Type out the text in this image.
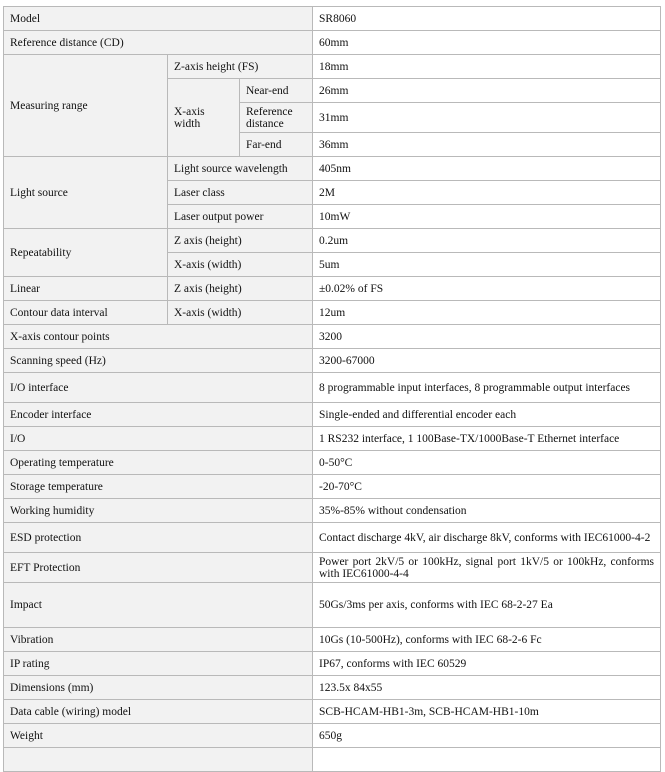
Model			SR8060
Reference distance (CD)			60mm
Measuring range	Z-axis height (FS)		18mm
	X-axis width	Near-end	26mm
		Reference distance	31mm
		Far-end	36mm
Light source	Light source wavelength		405nm
	Laser class		2M
	Laser output power		10mW
Repeatability	Z axis (height)		0.2um
	X-axis (width)		5um
Linear	Z axis (height)		±0.02% of FS
Contour data interval	X-axis (width)		12um
X-axis contour points			3200
Scanning speed (Hz)			3200-67000
I/O interface			8 programmable input interfaces, 8 programmable output interfaces
Encoder interface			Single-ended and differential encoder each
I/O			1 RS232 interface, 1 100Base-TX/1000Base-T Ethernet interface
Operating temperature			0-50°C
Storage temperature			-20-70°C
Working humidity			35%-85% without condensation
ESD protection			Contact discharge 4kV, air discharge 8kV, conforms with IEC61000-4-2
EFT Protection			Power port 2kV/5 or 100kHz, signal port 1kV/5 or 100kHz, conforms with IEC61000-4-4
Impact			50Gs/3ms per axis, conforms with IEC 68-2-27 Ea
Vibration			10Gs (10-500Hz), conforms with IEC 68-2-6 Fc
IP rating			IP67, conforms with IEC 60529
Dimensions (mm)			123.5x 84x55
Data cable (wiring) model			SCB-HCAM-HB1-3m, SCB-HCAM-HB1-10m
Weight			650g
